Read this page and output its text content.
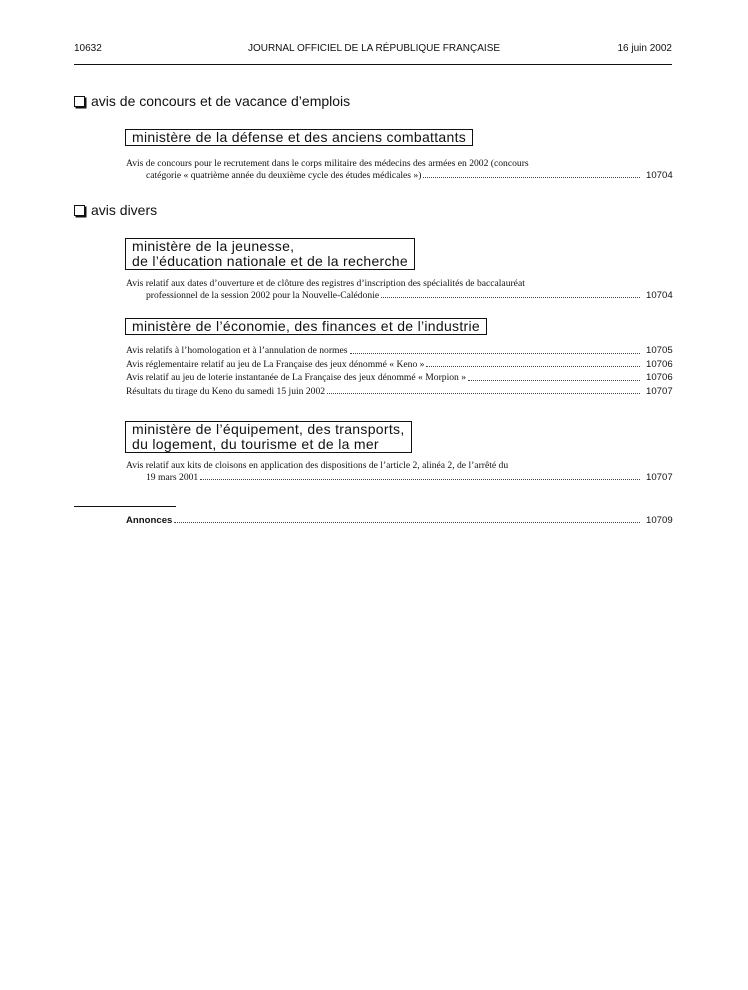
10632	JOURNAL OFFICIEL DE LA RÉPUBLIQUE FRANÇAISE	16 juin 2002
avis de concours et de vacance d’emplois
ministère de la défense et des anciens combattants
Avis de concours pour le recrutement dans le corps militaire des médecins des armées en 2002 (concours
catégorie « quatrième année du deuxième cycle des études médicales »)	10704
avis divers
ministère de la jeunesse,
de l’éducation nationale et de la recherche
Avis relatif aux dates d’ouverture et de clôture des registres d’inscription des spécialités de baccalauréat
professionnel de la session 2002 pour la Nouvelle-Calédonie	10704
ministère de l’économie, des finances et de l’industrie
Avis relatifs à l’homologation et à l’annulation de normes	10705
Avis réglementaire relatif au jeu de La Française des jeux dénommé « Keno »	10706
Avis relatif au jeu de loterie instantanée de La Française des jeux dénommé « Morpion »	10706
Résultats du tirage du Keno du samedi 15 juin 2002	10707
ministère de l’équipement, des transports,
du logement, du tourisme et de la mer
Avis relatif aux kits de cloisons en application des dispositions de l’article 2, alinéa 2, de l’arrêté du
19 mars 2001	10707
Annonces	10709
